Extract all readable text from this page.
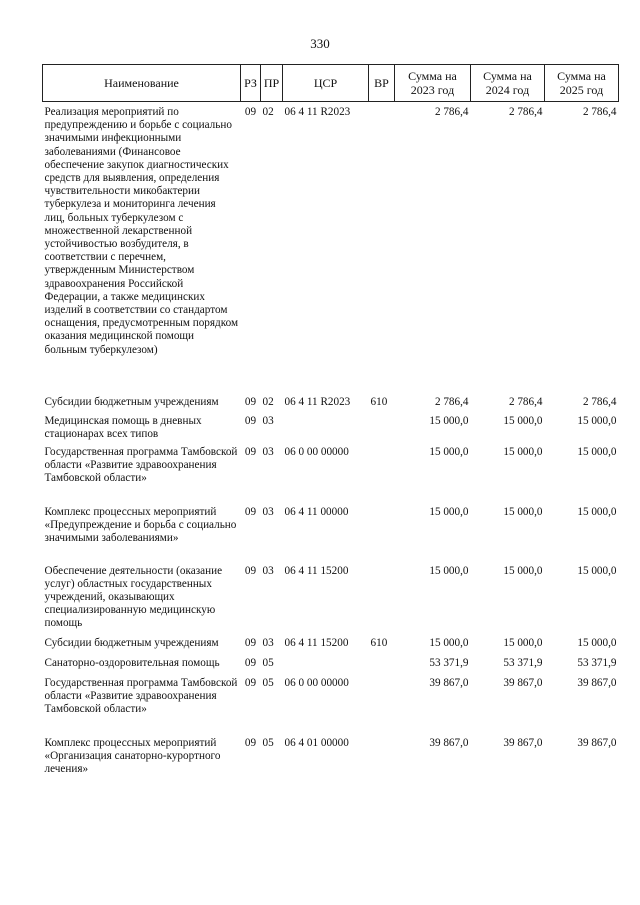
330
Наименование	РЗ	ПР	ЦСР	ВР	Сумма на 2023 год	Сумма на 2024 год	Сумма на 2025 год
Реализация мероприятий по предупреждению и борьбе с социально значимыми инфекционными заболеваниями (Финансовое обеспечение закупок диагностических средств для выявления, определения чувствительности микобактерии туберкулеза и мониторинга лечения лиц, больных туберкулезом с множественной лекарственной устойчивостью возбудителя, в соответствии с перечнем, утвержденным Министерством здравоохранения Российской Федерации, а также медицинских изделий в соответствии со стандартом оснащения, предусмотренным порядком оказания медицинской помощи больным туберкулезом)	09	02	06 4 11 R2023		2 786,4	2 786,4	2 786,4
Субсидии бюджетным учреждениям	09	02	06 4 11 R2023	610	2 786,4	2 786,4	2 786,4
Медицинская помощь в дневных стационарах всех типов	09	03			15 000,0	15 000,0	15 000,0
Государственная программа Тамбовской области «Развитие здравоохранения Тамбовской области»	09	03	06 0 00 00000		15 000,0	15 000,0	15 000,0
Комплекс процессных мероприятий «Предупреждение и борьба с социально значимыми заболеваниями»	09	03	06 4 11 00000		15 000,0	15 000,0	15 000,0
Обеспечение деятельности (оказание услуг) областных государственных учреждений, оказывающих специализированную медицинскую помощь	09	03	06 4 11 15200		15 000,0	15 000,0	15 000,0
Субсидии бюджетным учреждениям	09	03	06 4 11 15200	610	15 000,0	15 000,0	15 000,0
Санаторно-оздоровительная помощь	09	05			53 371,9	53 371,9	53 371,9
Государственная программа Тамбовской области «Развитие здравоохранения Тамбовской области»	09	05	06 0 00 00000		39 867,0	39 867,0	39 867,0
Комплекс процессных мероприятий «Организация санаторно-курортного лечения»	09	05	06 4 01 00000		39 867,0	39 867,0	39 867,0
